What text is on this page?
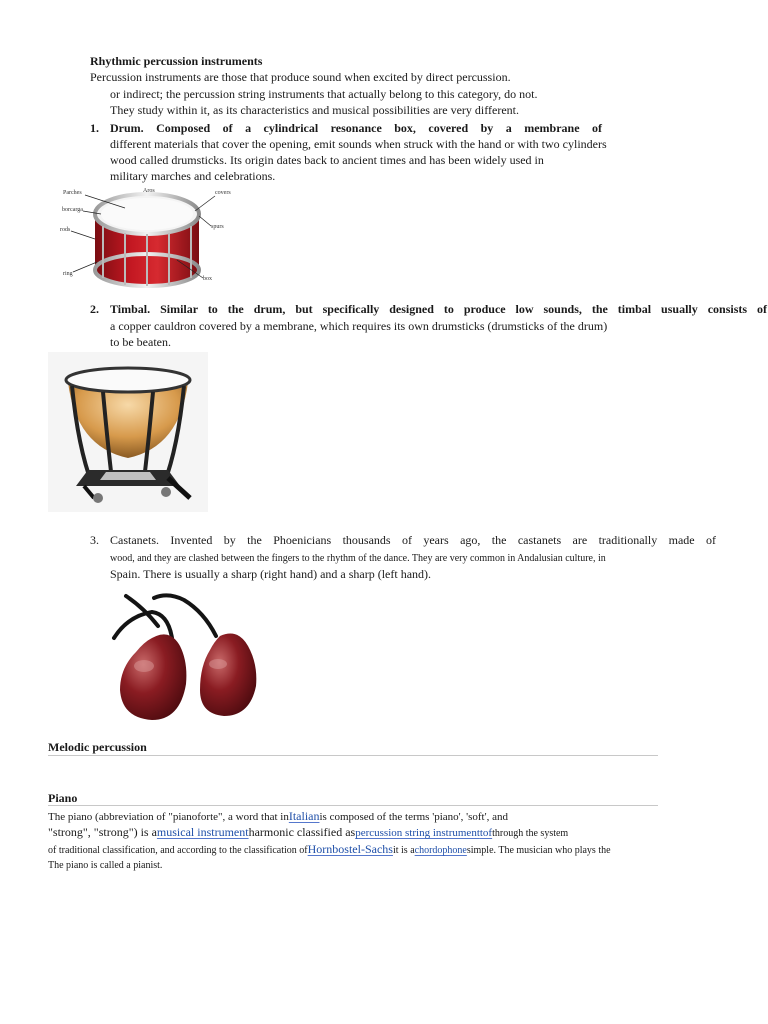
Rhythmic percussion instruments
Percussion instruments are those that produce sound when excited by direct percussion.
or indirect; the percussion string instruments that actually belong to this category, do not.
They study within it, as its characteristics and musical possibilities are very different.
1. Drum. Composed of a cylindrical resonance box, covered by a membrane of
different materials that cover the opening, emit sounds when struck with the hand or with two cylinders
wood called drumsticks. Its origin dates back to ancient times and has been widely used in
military marches and celebrations.
Parches	Aros
borcarga
rods
ring
covers
spurs
box
2. Timbal. Similar to the drum, but specifically designed to produce low sounds, the timbal usually consists of
a copper cauldron covered by a membrane, which requires its own drumsticks (drumsticks of the drum)
to be beaten.
3. Castanets. Invented by the Phoenicians thousands of years ago, the castanets are traditionally made of
wood, and they are clashed between the fingers to the rhythm of the dance. They are very common in Andalusian culture, in
Spain. There is usually a sharp (right hand) and a sharp (left hand).
Melodic percussion
Piano
The piano (abbreviation of "pianoforte", a word that inItalianis composed of the terms 'piano', 'soft', and
"strong", "strong") is amusical instrumentharmonic classified aspercussion string instrumenttofthrough the system
of traditional classification, and according to the classification ofHornbostel-Sachsit is achordophonesimple. The musician who plays the
The piano is called a pianist.
